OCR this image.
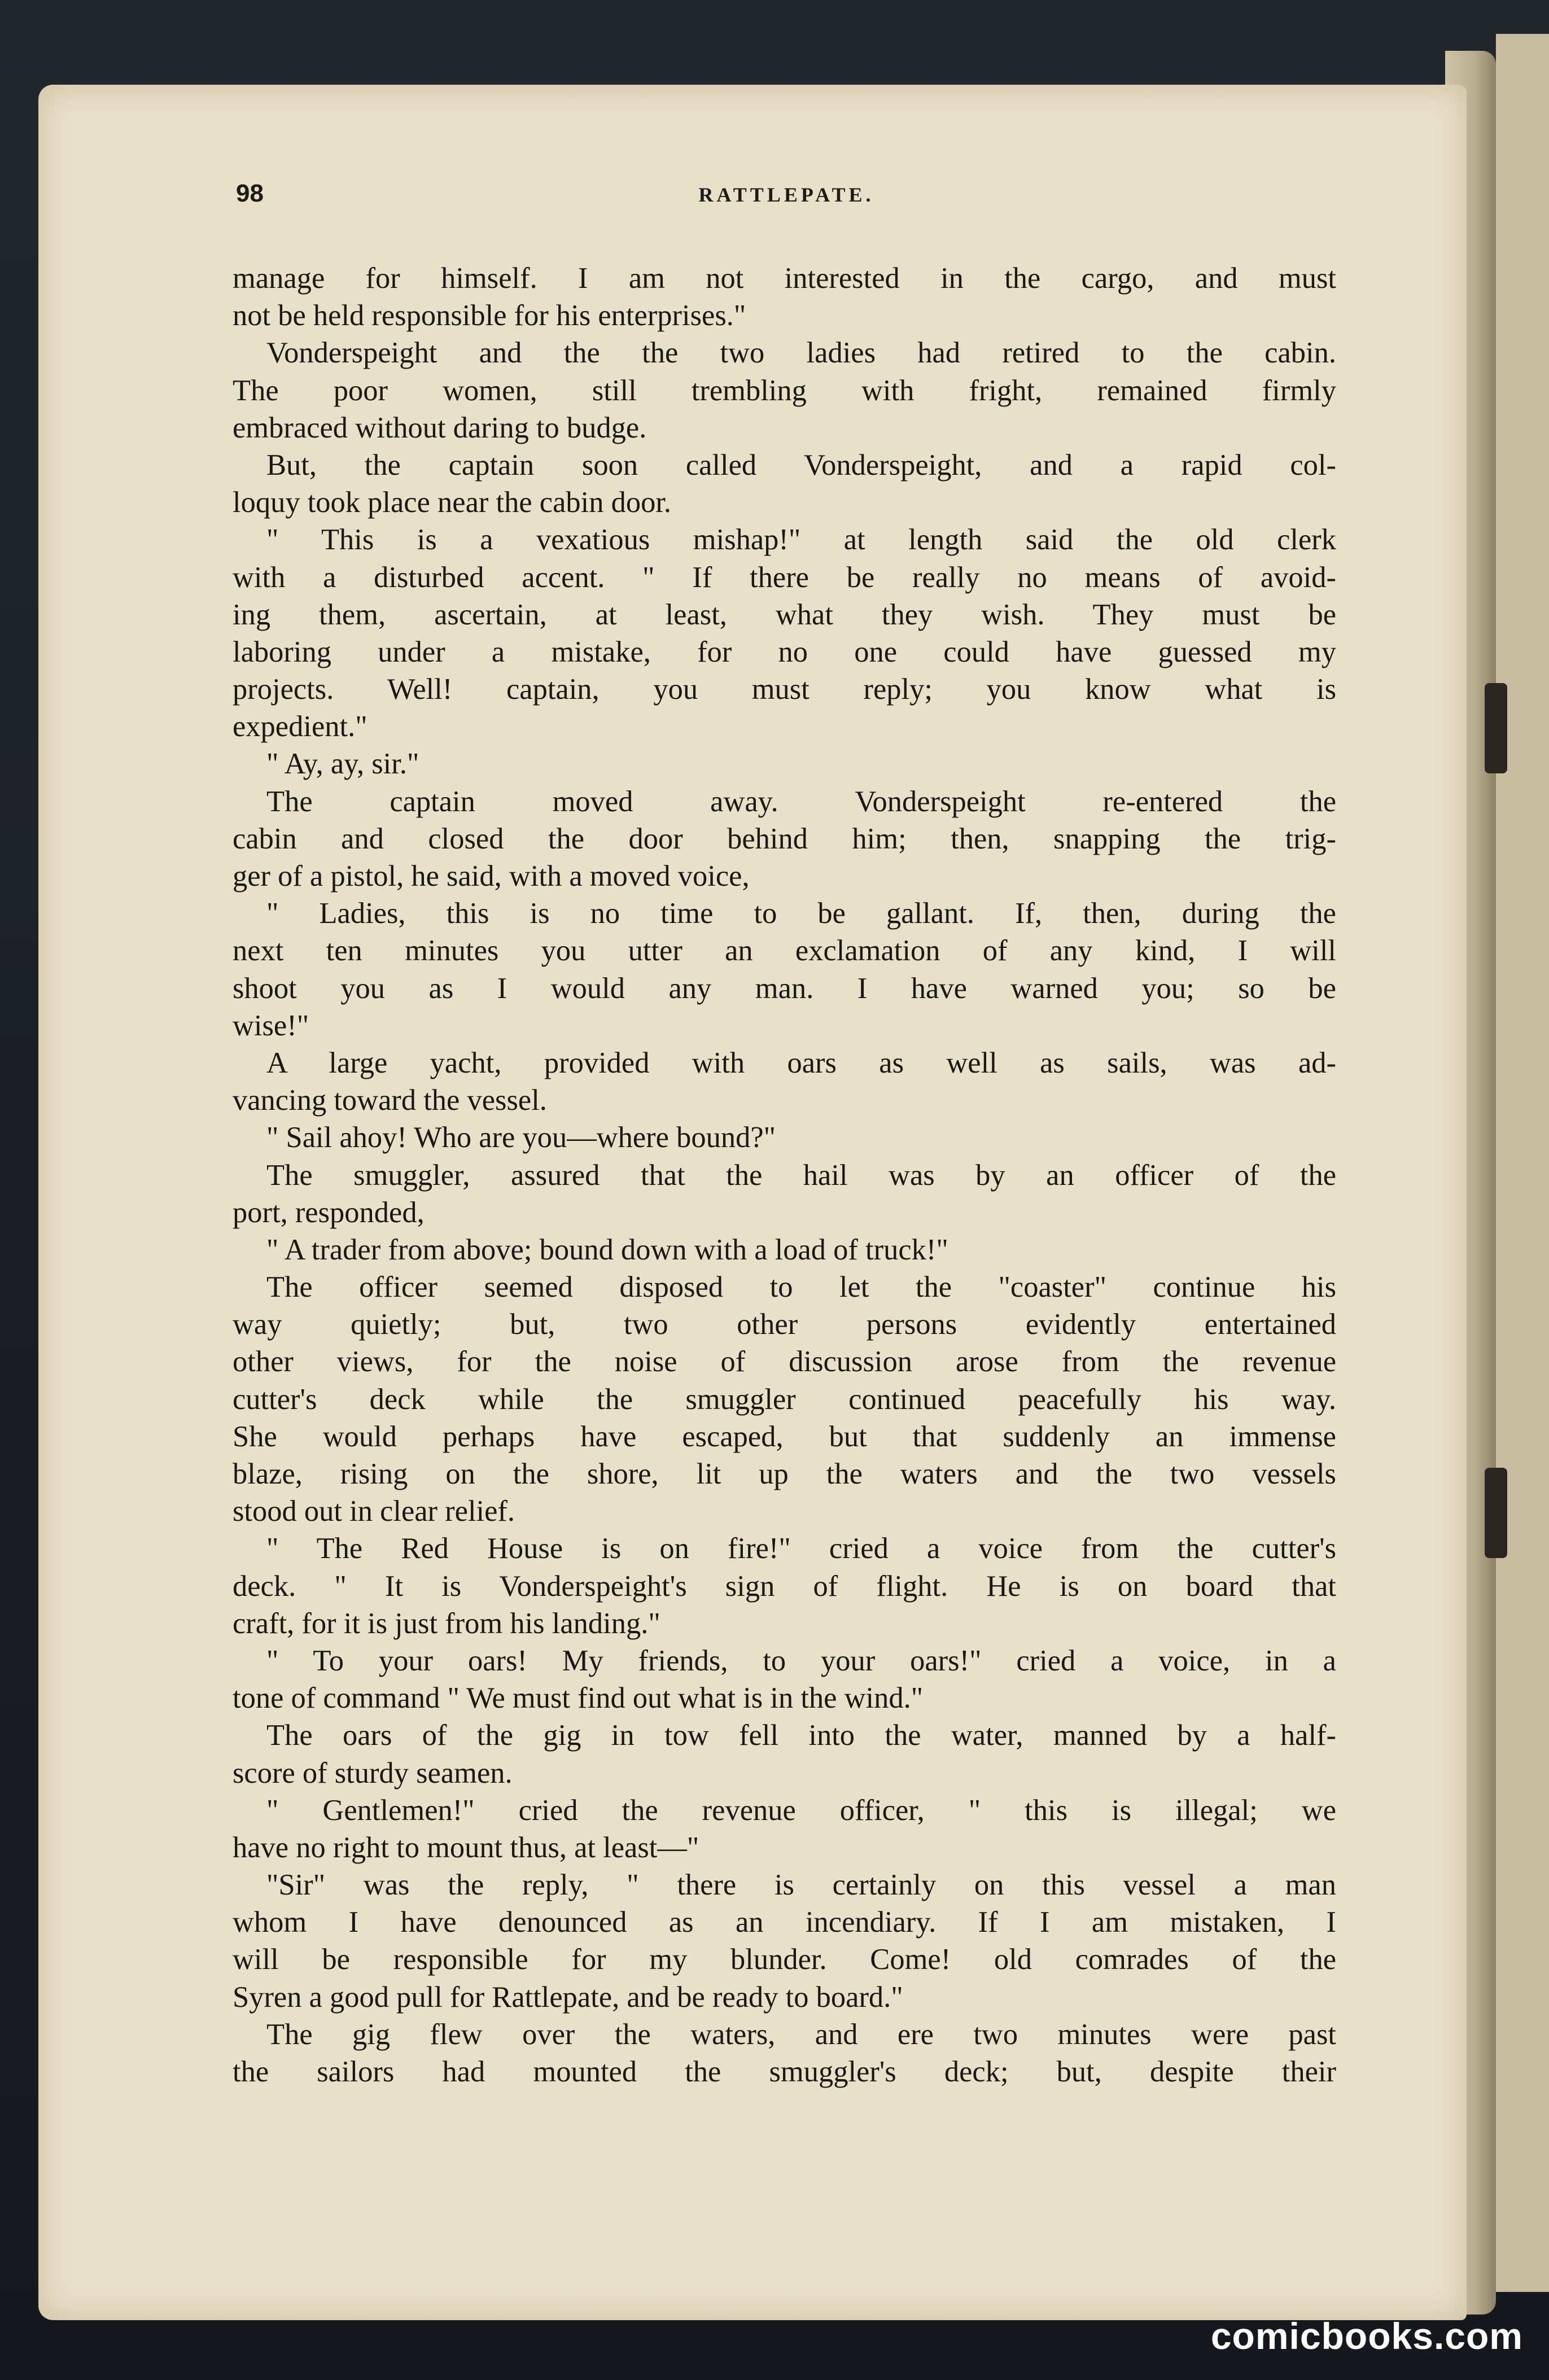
98	RATTLEPATE.
manage for himself. I am not interested in the cargo, and must
not be held responsible for his enterprises."
Vonderspeight and the the two ladies had retired to the cabin.
The poor women, still trembling with fright, remained firmly
embraced without daring to budge.
But, the captain soon called Vonderspeight, and a rapid col-
loquy took place near the cabin door.
" This is a vexatious mishap!" at length said the old clerk
with a disturbed accent. " If there be really no means of avoid-
ing them, ascertain, at least, what they wish. They must be
laboring under a mistake, for no one could have guessed my
projects. Well! captain, you must reply; you know what is
expedient."
" Ay, ay, sir."
The captain moved away. Vonderspeight re-entered the
cabin and closed the door behind him; then, snapping the trig-
ger of a pistol, he said, with a moved voice,
" Ladies, this is no time to be gallant. If, then, during the
next ten minutes you utter an exclamation of any kind, I will
shoot you as I would any man. I have warned you; so be
wise!"
A large yacht, provided with oars as well as sails, was ad-
vancing toward the vessel.
" Sail ahoy! Who are you—where bound?"
The smuggler, assured that the hail was by an officer of the
port, responded,
" A trader from above; bound down with a load of truck!"
The officer seemed disposed to let the "coaster" continue his
way quietly; but, two other persons evidently entertained
other views, for the noise of discussion arose from the revenue
cutter's deck while the smuggler continued peacefully his way.
She would perhaps have escaped, but that suddenly an immense
blaze, rising on the shore, lit up the waters and the two vessels
stood out in clear relief.
" The Red House is on fire!" cried a voice from the cutter's
deck. " It is Vonderspeight's sign of flight. He is on board that
craft, for it is just from his landing."
" To your oars! My friends, to your oars!" cried a voice, in a
tone of command " We must find out what is in the wind."
The oars of the gig in tow fell into the water, manned by a half-
score of sturdy seamen.
" Gentlemen!" cried the revenue officer, " this is illegal; we
have no right to mount thus, at least—"
"Sir" was the reply, " there is certainly on this vessel a man
whom I have denounced as an incendiary. If I am mistaken, I
will be responsible for my blunder. Come! old comrades of the
Syren a good pull for Rattlepate, and be ready to board."
The gig flew over the waters, and ere two minutes were past
the sailors had mounted the smuggler's deck; but, despite their
comicbooks.com
